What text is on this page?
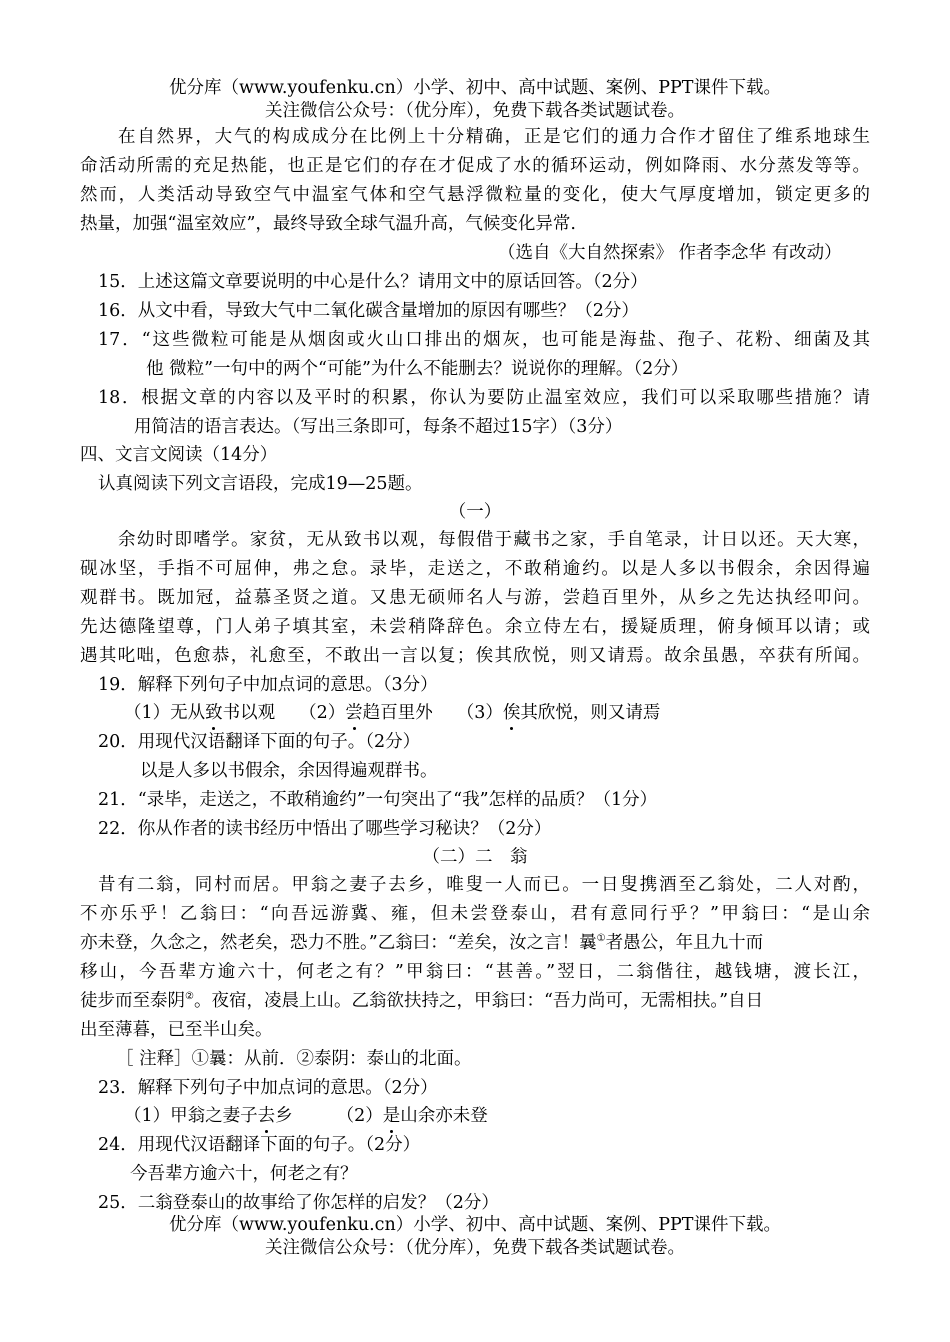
优分库（www.youfenku.cn）小学、初中、高中试题、案例、PPT课件下载。
关注微信公众号：（优分库），免费下载各类试题试卷。
在自然界，大气的构成成分在比例上十分精确，正是它们的通力合作才留住了维系地球生
命活动所需的充足热能，也正是它们的存在才促成了水的循环运动，例如降雨、水分蒸发等等。
然而，人类活动导致空气中温室气体和空气悬浮微粒量的变化，使大气厚度增加，锁定更多的
热量，加强“温室效应”，最终导致全球气温升高，气候变化异常.
（选自《大自然探索》 作者李念华 有改动）
15．上述这篇文章要说明的中心是什么？请用文中的原话回答。（2分）
16．从文中看，导致大气中二氧化碳含量增加的原因有哪些？（2分）
17．“这些微粒可能是从烟囱或火山口排出的烟灰，也可能是海盐、孢子、花粉、细菌及其
他 微粒”一句中的两个“可能”为什么不能删去？说说你的理解。（2分）
18．根据文章的内容以及平时的积累，你认为要防止温室效应，我们可以采取哪些措施？请
用简洁的语言表达。（写出三条即可，每条不超过15字）（3分）
四、文言文阅读（14分）
认真阅读下列文言语段，完成19—25题。
（一）
余幼时即嗜学。家贫，无从致书以观，每假借于藏书之家，手自笔录，计日以还。天大寒，
砚冰坚，手指不可屈伸，弗之怠。录毕，走送之，不敢稍逾约。以是人多以书假余，余因得遍
观群书。既加冠，益慕圣贤之道。又患无硕师名人与游，尝趋百里外，从乡之先达执经叩问。
先达德隆望尊，门人弟子填其室，未尝稍降辞色。余立侍左右，援疑质理，俯身倾耳以请；或
遇其叱咄，色愈恭，礼愈至，不敢出一言以复；俟其欣悦，则又请焉。故余虽愚，卒获有所闻。
19．解释下列句子中加点词的意思。（3分）
（1）无从致书以观 （2）尝趋百里外 （3）俟其欣悦，则又请焉
20．用现代汉语翻译下面的句子。（2分）
以是人多以书假余，余因得遍观群书。
21．“录毕，走送之，不敢稍逾约”一句突出了“我”怎样的品质？（1分）
22．你从作者的读书经历中悟出了哪些学习秘诀？（2分）
（二）二　翁
昔有二翁，同村而居。甲翁之妻子去乡，唯叟一人而已。一日叟携酒至乙翁处，二人对酌，
不亦乐乎！乙翁曰：“向吾远游冀、雍，但未尝登泰山，君有意同行乎？”甲翁曰：“是山余
亦未登，久念之，然老矣，恐力不胜。”乙翁曰：“差矣，汝之言！曩①者愚公，年且九十而
移山，今吾辈方逾六十，何老之有？”甲翁曰：“甚善。”翌日，二翁偕往，越钱塘，渡长江，
徒步而至泰阴②。夜宿，凌晨上山。乙翁欲扶持之，甲翁曰：“吾力尚可，无需相扶。”自日
出至薄暮，已至半山矣。
［ 注释］①曩：从前．②泰阴：泰山的北面。
23．解释下列句子中加点词的意思。（2分）
（1）甲翁之妻子去乡	（2）是山余亦未登
24．用现代汉语翻译下面的句子。（2分）
今吾辈方逾六十，何老之有？
25．二翁登泰山的故事给了你怎样的启发？（2分）
优分库（www.youfenku.cn）小学、初中、高中试题、案例、PPT课件下载。
关注微信公众号：（优分库），免费下载各类试题试卷。
